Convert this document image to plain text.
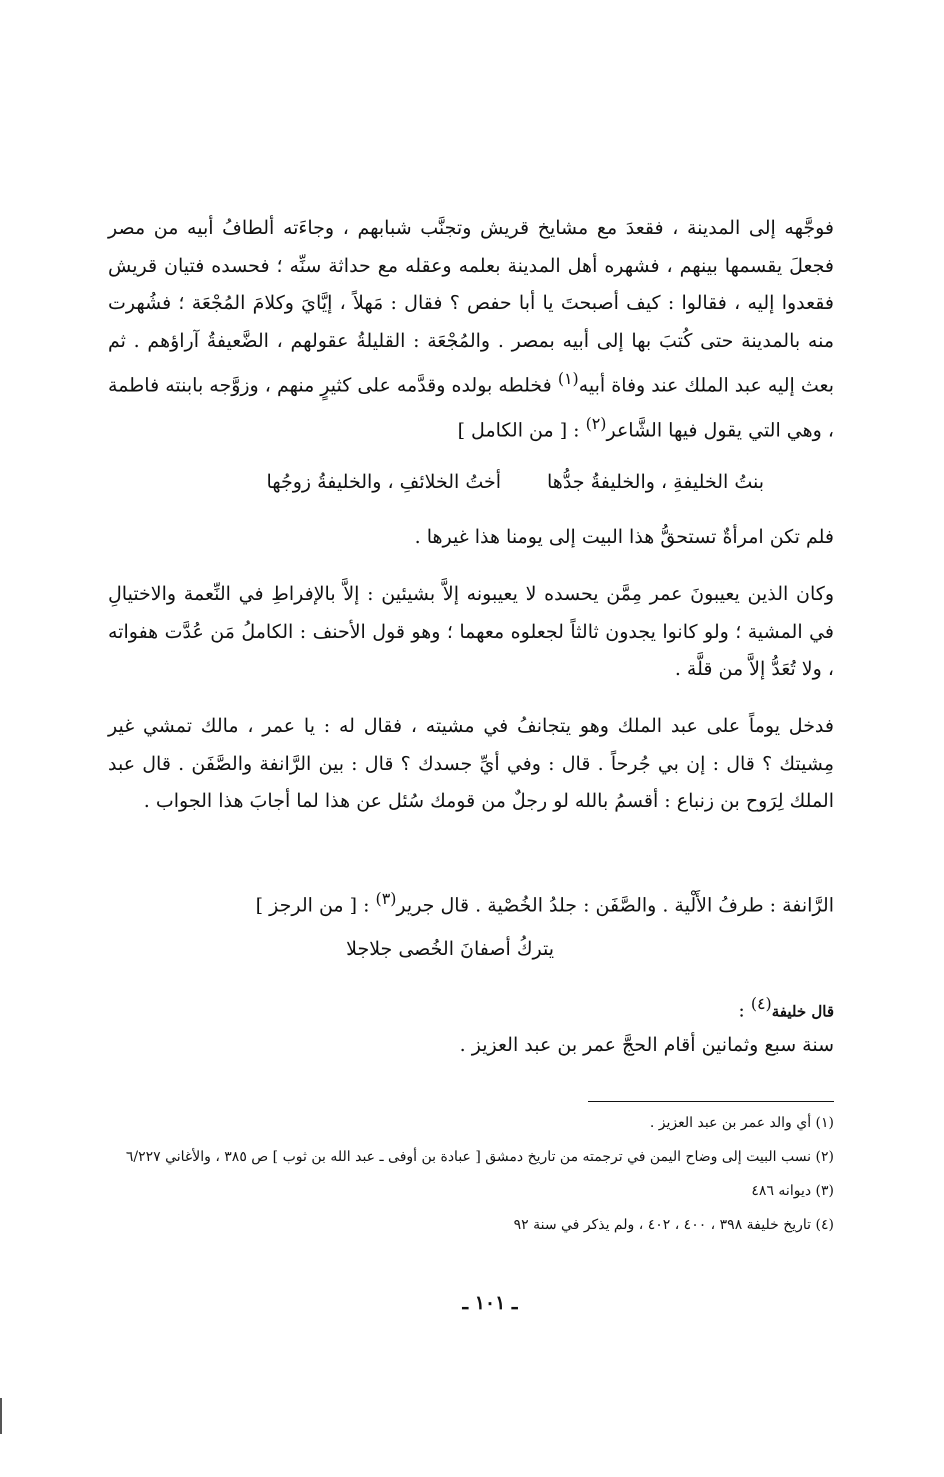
فوجَّهه إلى المدينة ، فقعدَ مع مشايخ قريش وتجنَّب شبابهم ، وجاءَته ألطافُ أبيه من مصر فجعلَ يقسمها بينهم ، فشهره أهل المدينة بعلمه وعقله مع حداثة سنِّه ؛ فحسده فتيان قريش فقعدوا إليه ، فقالوا : كيف أصبحتَ يا أبا حفص ؟ فقال : مَهلاً ، إيَّايَ وكلامَ المُجْعَة ؛ فشُهرت منه بالمدينة حتى كُتبَ بها إلى أبيه بمصر . والمُجْعَة : القليلةُ عقولهم ، الضَّعيفةُ آراؤهم . ثم بعث إليه عبد الملك عند وفاة أبيه$^{(١)}$ فخلطه بولده وقدَّمه على كثيرٍ منهم ، وزوَّجه بابنته فاطمة ، وهي التي يقول فيها الشَّاعر$^{(٢)}$ : [ من الكامل ]

بنتُ الخليفةِ ، والخليفةُ جدُّهاأختُ الخلائفِ ، والخليفةُ زوجُها

فلم تكن امرأةٌ تستحقُّ هذا البيت إلى يومنا هذا غيرها .

وكان الذين يعيبونَ عمر مِمَّن يحسده لا يعيبونه إلاَّ بشيئين : إلاَّ بالإفراطِ في النِّعمة والاختيالِ في المشية ؛ ولو كانوا يجدون ثالثاً لجعلوه معهما ؛ وهو قول الأحنف : الكاملُ مَن عُدَّت هفواته ، ولا تُعَدُّ إلاَّ من قلَّة .

فدخل يوماً على عبد الملك وهو يتجانفُ في مشيته ، فقال له : يا عمر ، مالك تمشي غير مِشيتك ؟ قال : إن بي جُرحاً . قال : وفي أيِّ جسدك ؟ قال : بين الرَّانفة والصَّفَن . قال عبد الملك لِرَوح بن زنباع : أقسمُ بالله لو رجلٌ من قومك سُئل عن هذا لما أجابَ هذا الجواب .

الرَّانفة : طرفُ الأَلْية . والصَّفَن : جلدُ الخُصْية . قال جرير$^{(٣)}$ : [ من الرجز ]

يتركُ أصفانَ الخُصى جلاجلا

قال خليفة$^{(٤)}$ :

سنة سبع وثمانين أقام الحجَّ عمر بن عبد العزيز .

(١) أي والد عمر بن عبد العزيز .

(٢) نسب البيت إلى وضاح اليمن في ترجمته من تاريخ دمشق [ عبادة بن أوفى ـ عبد الله بن ثوب ] ص ٣٨٥ ، والأغاني ٦/٢٢٧

(٣) ديوانه ٤٨٦

(٤) تاريخ خليفة ٣٩٨ ، ٤٠٠ ، ٤٠٢ ، ولم يذكر في سنة ٩٢

ـ ١٠١ ـ
